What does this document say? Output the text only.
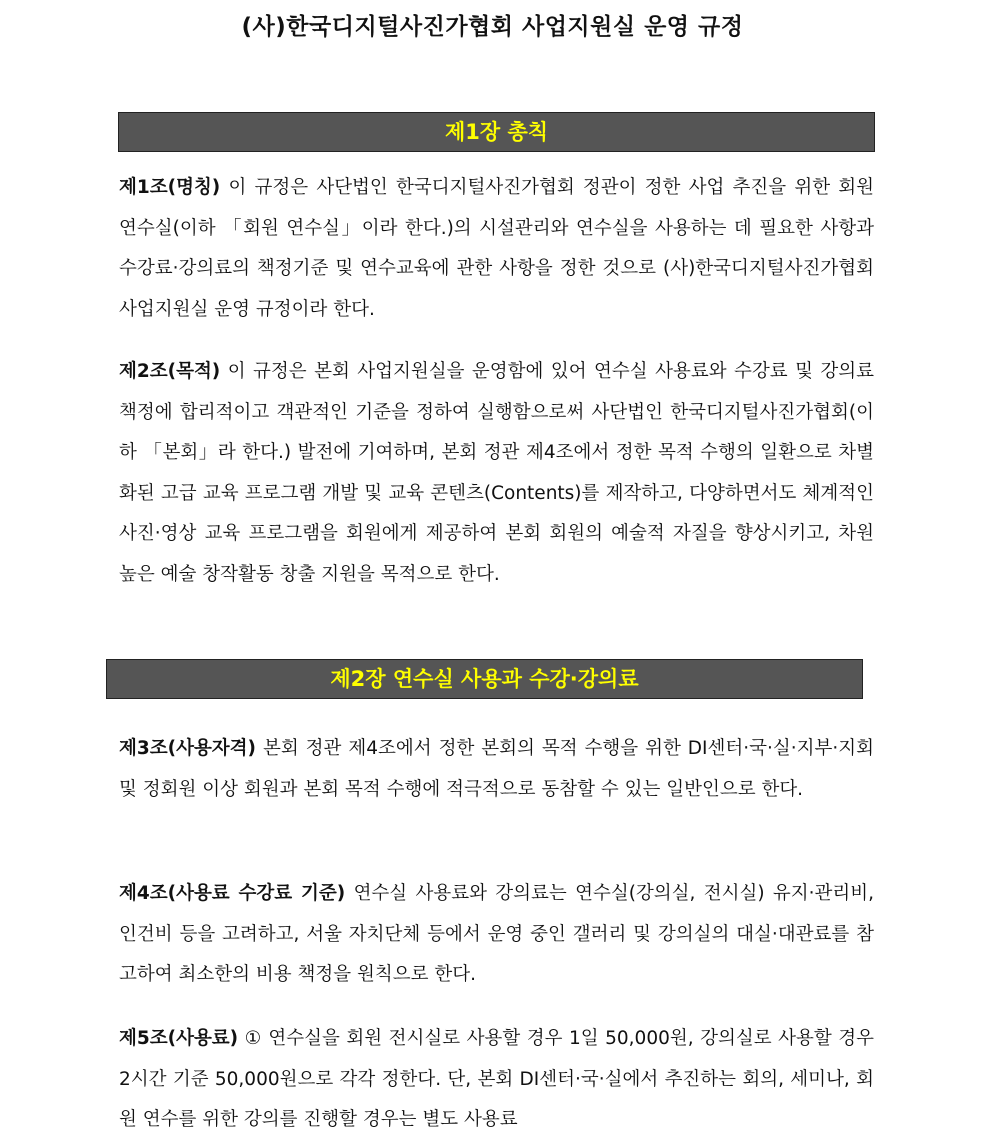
(사)한국디지털사진가협회 사업지원실 운영 규정
제1장 총칙
제1조(명칭) 이 규정은 사단법인 한국디지털사진가협회 정관이 정한 사업 추진을 위한 회원 연수실(이하 「회원 연수실」이라 한다.)의 시설관리와 연수실을 사용하는 데 필요한 사항과 수강료·강의료의 책정기준 및 연수교육에 관한 사항을 정한 것으로 (사)한국디지털사진가협회 사업지원실 운영 규정이라 한다.
제2조(목적) 이 규정은 본회 사업지원실을 운영함에 있어 연수실 사용료와 수강료 및 강의료 책정에 합리적이고 객관적인 기준을 정하여 실행함으로써 사단법인 한국디지털사진가협회(이하 「본회」라 한다.) 발전에 기여하며, 본회 정관 제4조에서 정한 목적 수행의 일환으로 차별화된 고급 교육 프로그램 개발 및 교육 콘텐츠(Contents)를 제작하고, 다양하면서도 체계적인 사진·영상 교육 프로그램을 회원에게 제공하여 본회 회원의 예술적 자질을 향상시키고, 차원 높은 예술 창작활동 창출 지원을 목적으로 한다.
제2장 연수실 사용과 수강·강의료
제3조(사용자격) 본회 정관 제4조에서 정한 본회의 목적 수행을 위한 DI센터·국·실·지부·지회 및 정회원 이상 회원과 본회 목적 수행에 적극적으로 동참할 수 있는 일반인으로 한다.
제4조(사용료 수강료 기준) 연수실 사용료와 강의료는 연수실(강의실, 전시실) 유지·관리비, 인건비 등을 고려하고, 서울 자치단체 등에서 운영 중인 갤러리 및 강의실의 대실·대관료를 참고하여 최소한의 비용 책정을 원칙으로 한다.
제5조(사용료) ① 연수실을 회원 전시실로 사용할 경우 1일 50,000원, 강의실로 사용할 경우 2시간 기준 50,000원으로 각각 정한다. 단, 본회 DI센터·국·실에서 추진하는 회의, 세미나, 회원 연수를 위한 강의를 진행할 경우는 별도 사용료
